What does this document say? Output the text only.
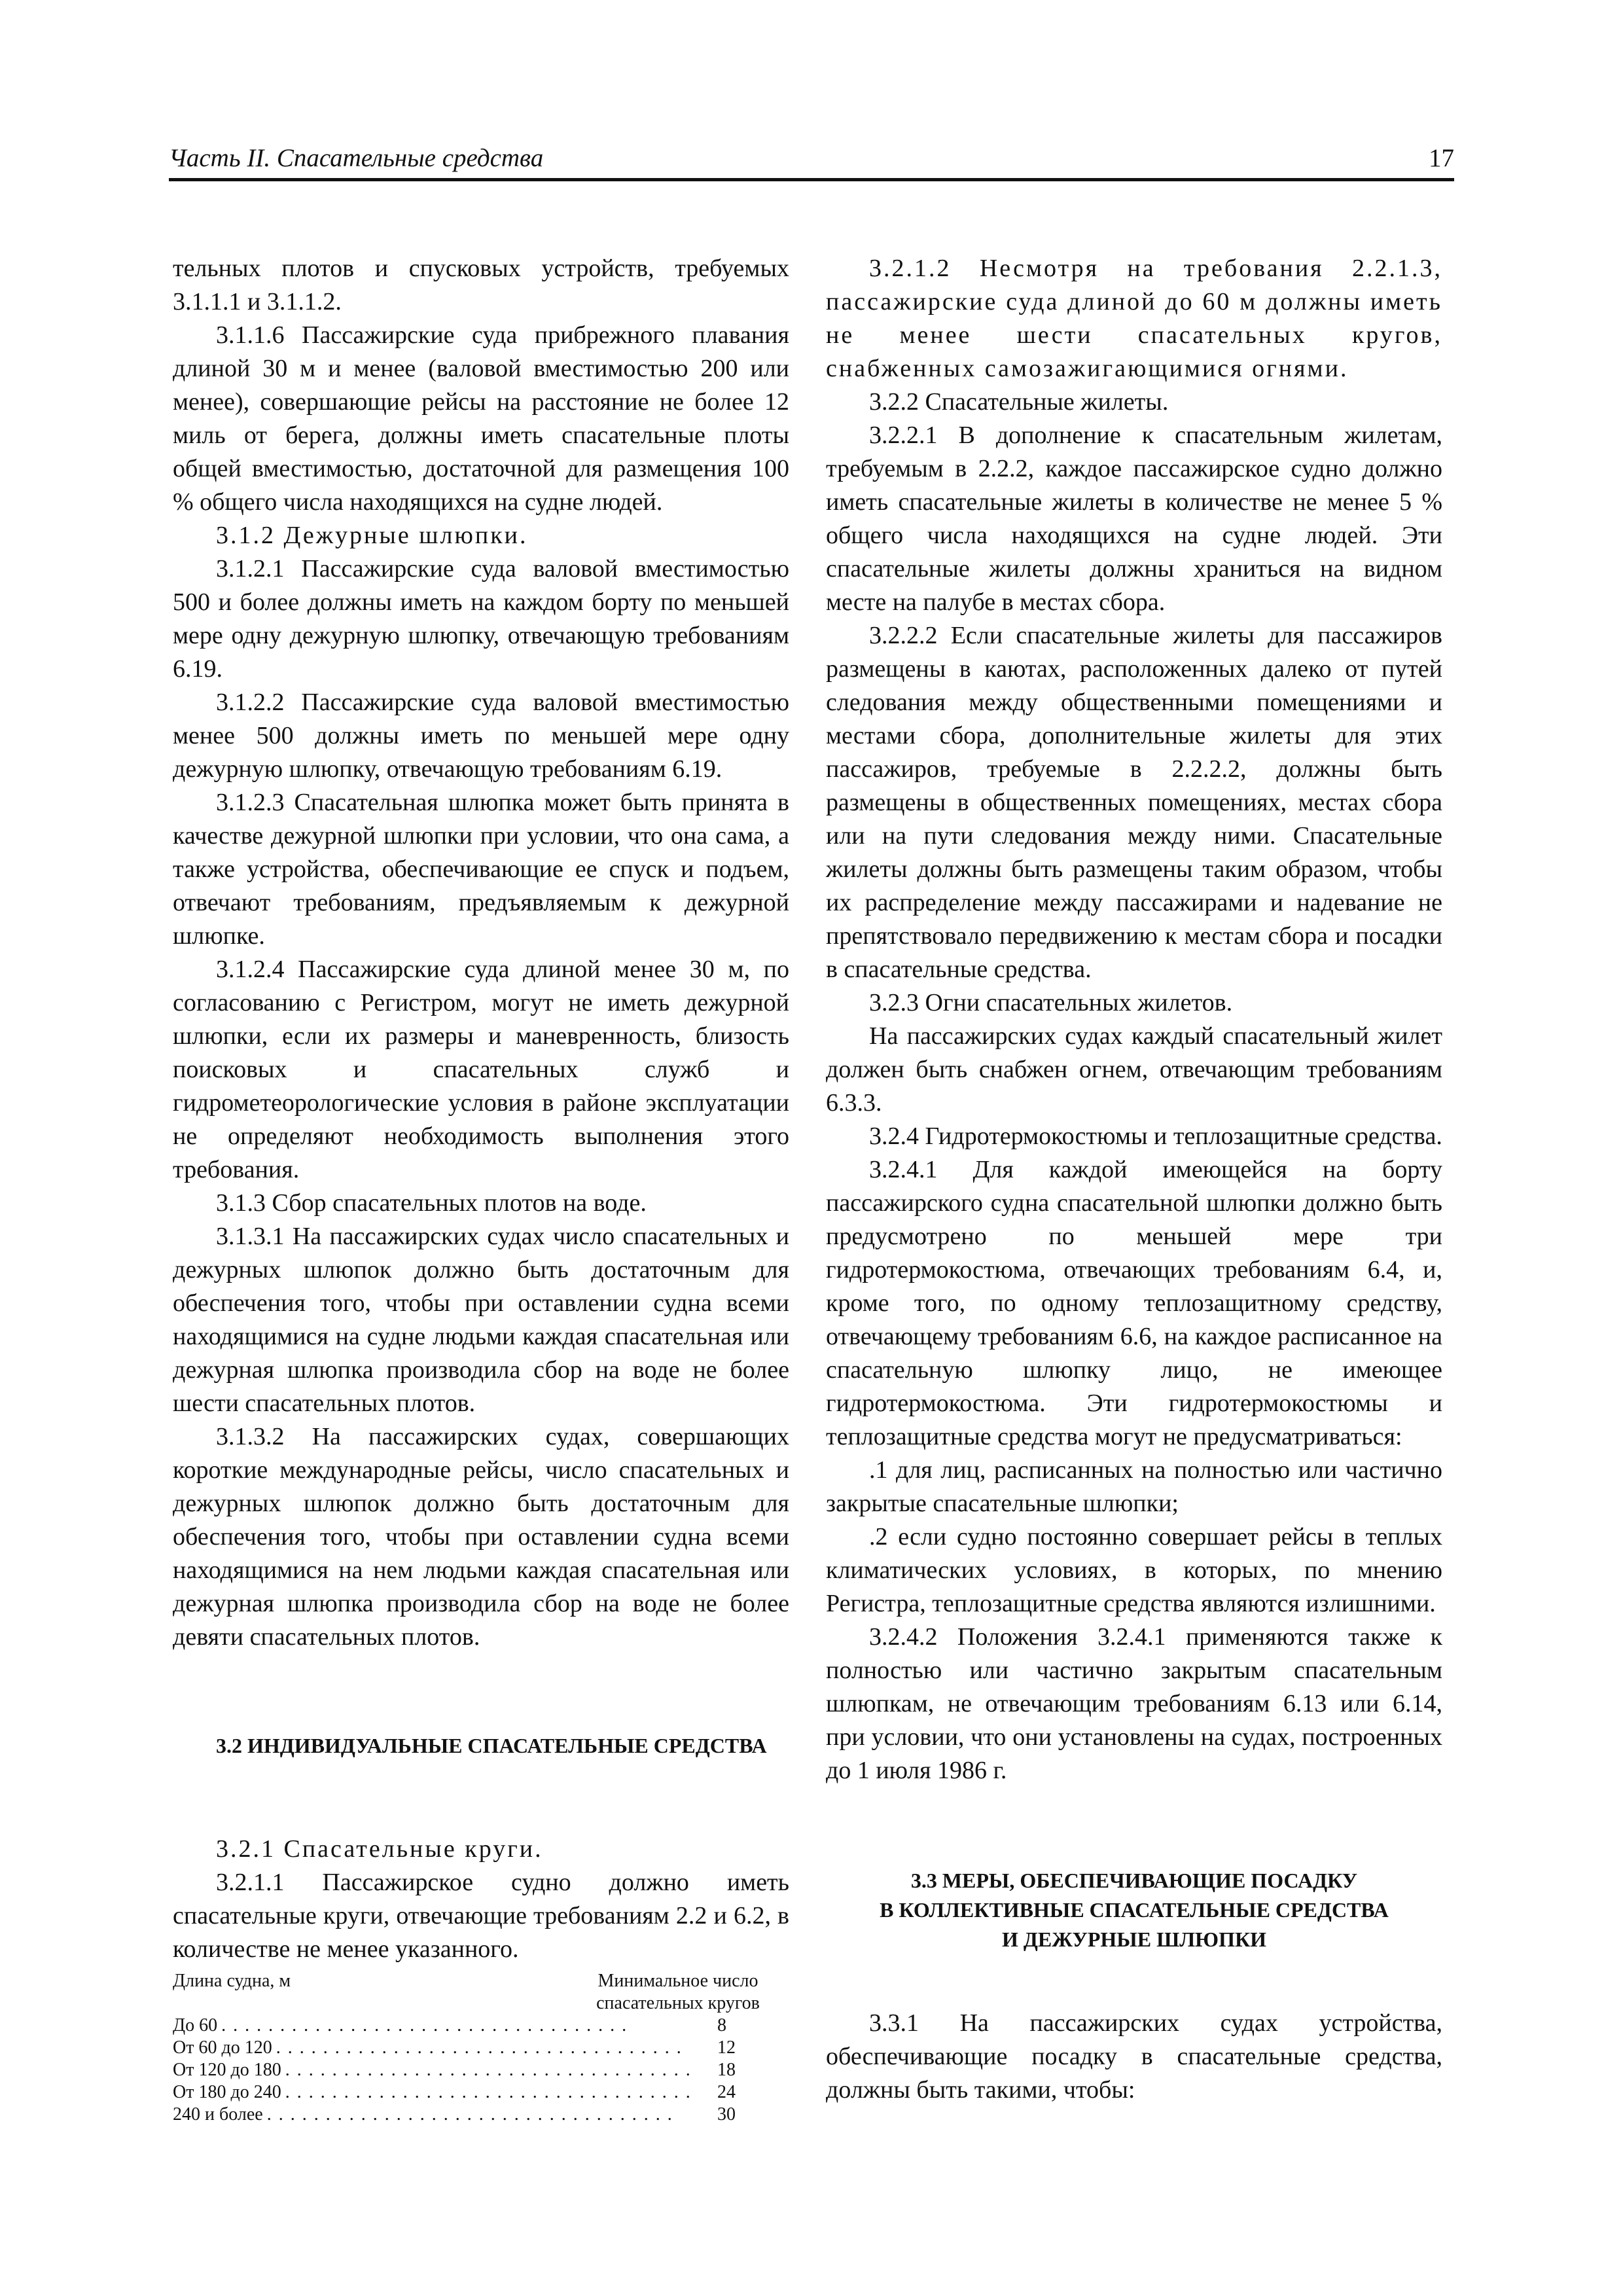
Часть II. Спасательные средства	17

тельных плотов и спусковых устройств, требуемых 3.1.1.1 и 3.1.1.2.

3.1.1.6 Пассажирские суда прибрежного плавания длиной 30 м и менее (валовой вместимостью 200 или менее), совершающие рейсы на расстояние не более 12 миль от берега, должны иметь спасательные плоты общей вместимостью, достаточной для размещения 100 % общего числа находящихся на судне людей.

3.1.2 Дежурные шлюпки.

3.1.2.1 Пассажирские суда валовой вместимостью 500 и более должны иметь на каждом борту по меньшей мере одну дежурную шлюпку, отвечающую требованиям 6.19.

3.1.2.2 Пассажирские суда валовой вместимостью менее 500 должны иметь по меньшей мере одну дежурную шлюпку, отвечающую требованиям 6.19.

3.1.2.3 Спасательная шлюпка может быть принята в качестве дежурной шлюпки при условии, что она сама, а также устройства, обеспечивающие ее спуск и подъем, отвечают требованиям, предъявляемым к дежурной шлюпке.

3.1.2.4 Пассажирские суда длиной менее 30 м, по согласованию с Регистром, могут не иметь дежурной шлюпки, если их размеры и маневренность, близость поисковых и спасательных служб и гидрометеорологические условия в районе эксплуатации не определяют необходимость выполнения этого требования.

3.1.3 Сбор спасательных плотов на воде.

3.1.3.1 На пассажирских судах число спасательных и дежурных шлюпок должно быть достаточным для обеспечения того, чтобы при оставлении судна всеми находящимися на судне людьми каждая спасательная или дежурная шлюпка производила сбор на воде не более шести спасательных плотов.

3.1.3.2 На пассажирских судах, совершающих короткие международные рейсы, число спасательных и дежурных шлюпок должно быть достаточным для обеспечения того, чтобы при оставлении судна всеми находящимися на нем людьми каждая спасательная или дежурная шлюпка производила сбор на воде не более девяти спасательных плотов.

3.2 ИНДИВИДУАЛЬНЫЕ СПАСАТЕЛЬНЫЕ СРЕДСТВА

3.2.1 Спасательные круги.

3.2.1.1 Пассажирское судно должно иметь спасательные круги, отвечающие требованиям 2.2 и 6.2, в количестве не менее указанного.

Длина судна, м	Минимальное число
спасательных кругов
До 60 ...................................	8
От 60 до 120 ...................................	12
От 120 до 180 ...................................	18
От 180 до 240 ...................................	24
240 и более ...................................	30

3.2.1.2 Несмотря на требования 2.2.1.3, пассажирские суда длиной до 60 м должны иметь не менее шести спасательных кругов, снабженных самозажигающимися огнями.

3.2.2 Спасательные жилеты.

3.2.2.1 В дополнение к спасательным жилетам, требуемым в 2.2.2, каждое пассажирское судно должно иметь спасательные жилеты в количестве не менее 5 % общего числа находящихся на судне людей. Эти спасательные жилеты должны храниться на видном месте на палубе в местах сбора.

3.2.2.2 Если спасательные жилеты для пассажиров размещены в каютах, расположенных далеко от путей следования между общественными помещениями и местами сбора, дополнительные жилеты для этих пассажиров, требуемые в 2.2.2.2, должны быть размещены в общественных помещениях, местах сбора или на пути следования между ними. Спасательные жилеты должны быть размещены таким образом, чтобы их распределение между пассажирами и надевание не препятствовало передвижению к местам сбора и посадки в спасательные средства.

3.2.3 Огни спасательных жилетов.

На пассажирских судах каждый спасательный жилет должен быть снабжен огнем, отвечающим требованиям 6.3.3.

3.2.4 Гидротермокостюмы и теплозащитные средства.

3.2.4.1 Для каждой имеющейся на борту пассажирского судна спасательной шлюпки должно быть предусмотрено по меньшей мере три гидротермокостюма, отвечающих требованиям 6.4, и, кроме того, по одному теплозащитному средству, отвечающему требованиям 6.6, на каждое расписанное на спасательную шлюпку лицо, не имеющее гидротермокостюма. Эти гидротермокостюмы и теплозащитные средства могут не предусматриваться:

.1 для лиц, расписанных на полностью или частично закрытые спасательные шлюпки;

.2 если судно постоянно совершает рейсы в теплых климатических условиях, в которых, по мнению Регистра, теплозащитные средства являются излишними.

3.2.4.2 Положения 3.2.4.1 применяются также к полностью или частично закрытым спасательным шлюпкам, не отвечающим требованиям 6.13 или 6.14, при условии, что они установлены на судах, построенных до 1 июля 1986 г.

3.3 МЕРЫ, ОБЕСПЕЧИВАЮЩИЕ ПОСАДКУ
В КОЛЛЕКТИВНЫЕ СПАСАТЕЛЬНЫЕ СРЕДСТВА
И ДЕЖУРНЫЕ ШЛЮПКИ

3.3.1 На пассажирских судах устройства, обеспечивающие посадку в спасательные средства, должны быть такими, чтобы:
